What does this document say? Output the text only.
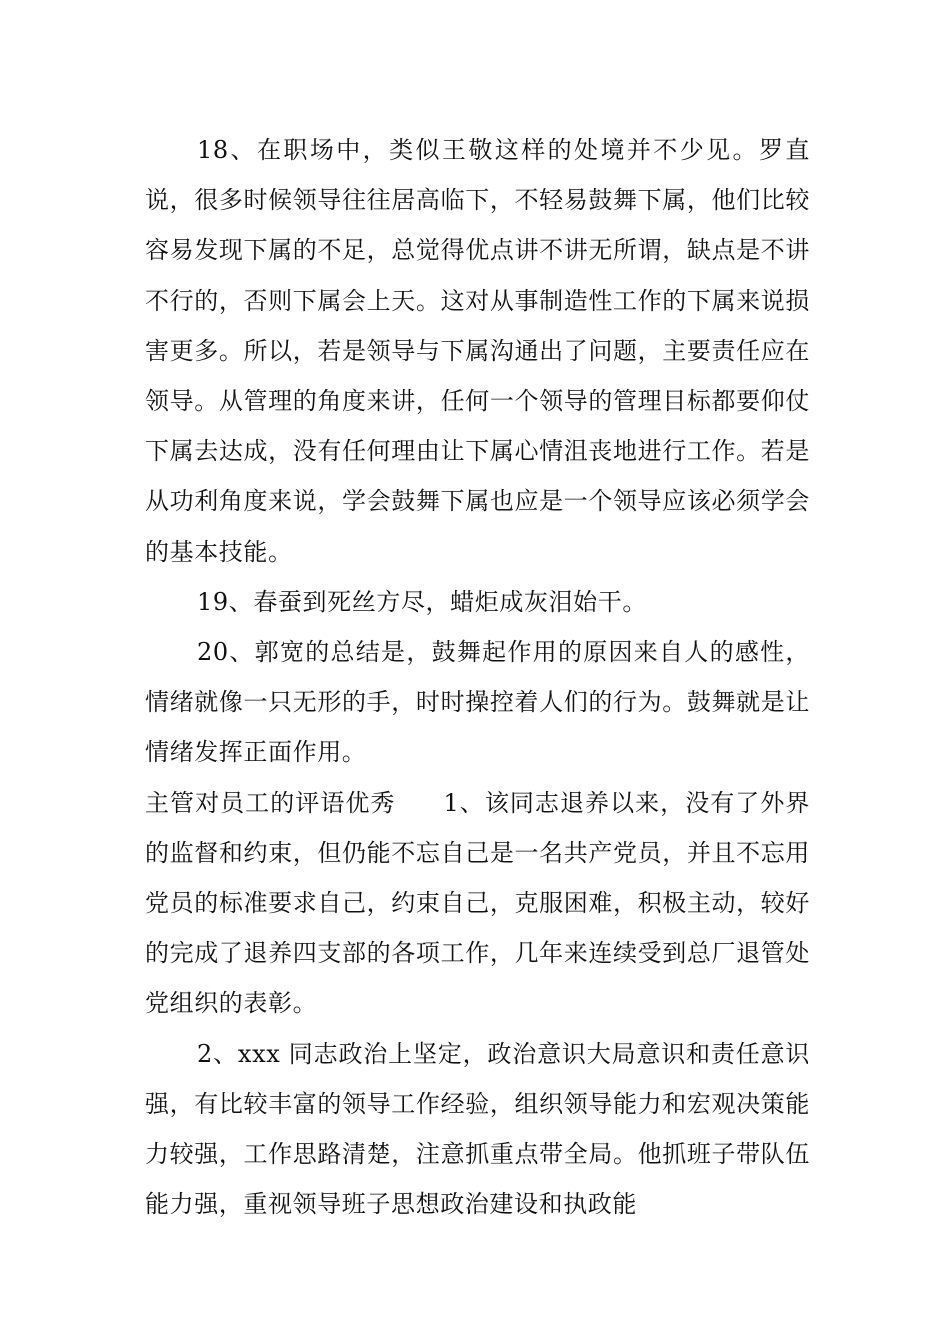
18、在职场中，类似王敬这样的处境并不少见。罗直说，很多时候领导往往居高临下，不轻易鼓舞下属，他们比较容易发现下属的不足，总觉得优点讲不讲无所谓，缺点是不讲不行的，否则下属会上天。这对从事制造性工作的下属来说损害更多。所以，若是领导与下属沟通出了问题，主要责任应在领导。从管理的角度来讲，任何一个领导的管理目标都要仰仗下属去达成，没有任何理由让下属心情沮丧地进行工作。若是从功利角度来说，学会鼓舞下属也应是一个领导应该必须学会的基本技能。

19、春蚕到死丝方尽，蜡炬成灰泪始干。

20、郭宽的总结是，鼓舞起作用的原因来自人的感性，情绪就像一只无形的手，时时操控着人们的行为。鼓舞就是让情绪发挥正面作用。

主管对员工的评语优秀 1、该同志退养以来，没有了外界的监督和约束，但仍能不忘自己是一名共产党员，并且不忘用党员的标准要求自己，约束自己，克服困难，积极主动，较好的完成了退养四支部的各项工作，几年来连续受到总厂退管处党组织的表彰。

2、xxx 同志政治上坚定，政治意识大局意识和责任意识强，有比较丰富的领导工作经验，组织领导能力和宏观决策能力较强，工作思路清楚，注意抓重点带全局。他抓班子带队伍能力强，重视领导班子思想政治建设和执政能
